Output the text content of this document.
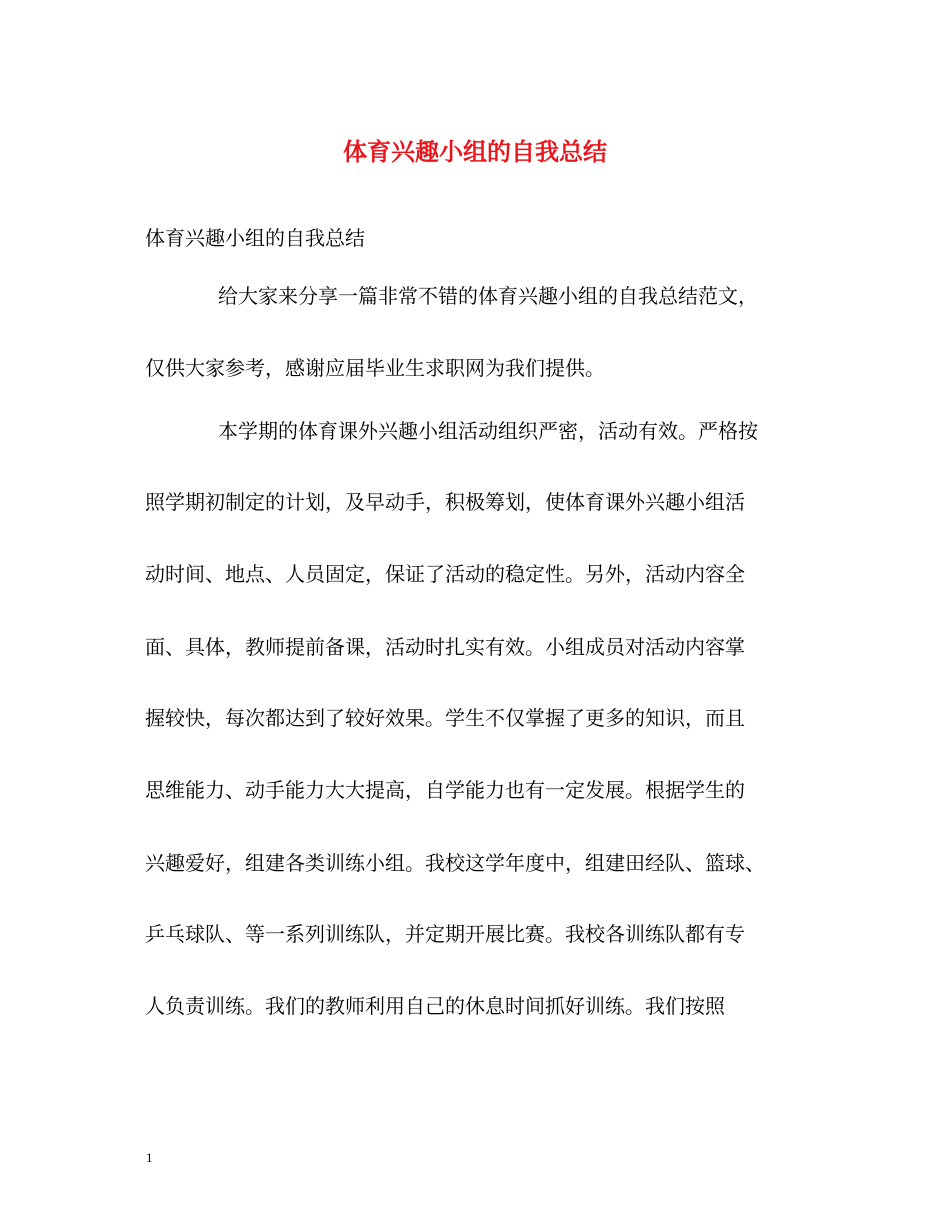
体育兴趣小组的自我总结

体育兴趣小组的自我总结

给大家来分享一篇非常不错的体育兴趣小组的自我总结范文，

仅供大家参考，感谢应届毕业生求职网为我们提供。

本学期的体育课外兴趣小组活动组织严密，活动有效。严格按

照学期初制定的计划，及早动手，积极筹划，使体育课外兴趣小组活

动时间、地点、人员固定，保证了活动的稳定性。另外，活动内容全

面、具体，教师提前备课，活动时扎实有效。小组成员对活动内容掌

握较快，每次都达到了较好效果。学生不仅掌握了更多的知识，而且

思维能力、动手能力大大提高，自学能力也有一定发展。根据学生的

兴趣爱好，组建各类训练小组。我校这学年度中，组建田经队、篮球、

乒乓球队、等一系列训练队，并定期开展比赛。我校各训练队都有专

人负责训练。我们的教师利用自己的休息时间抓好训练。我们按照

1
